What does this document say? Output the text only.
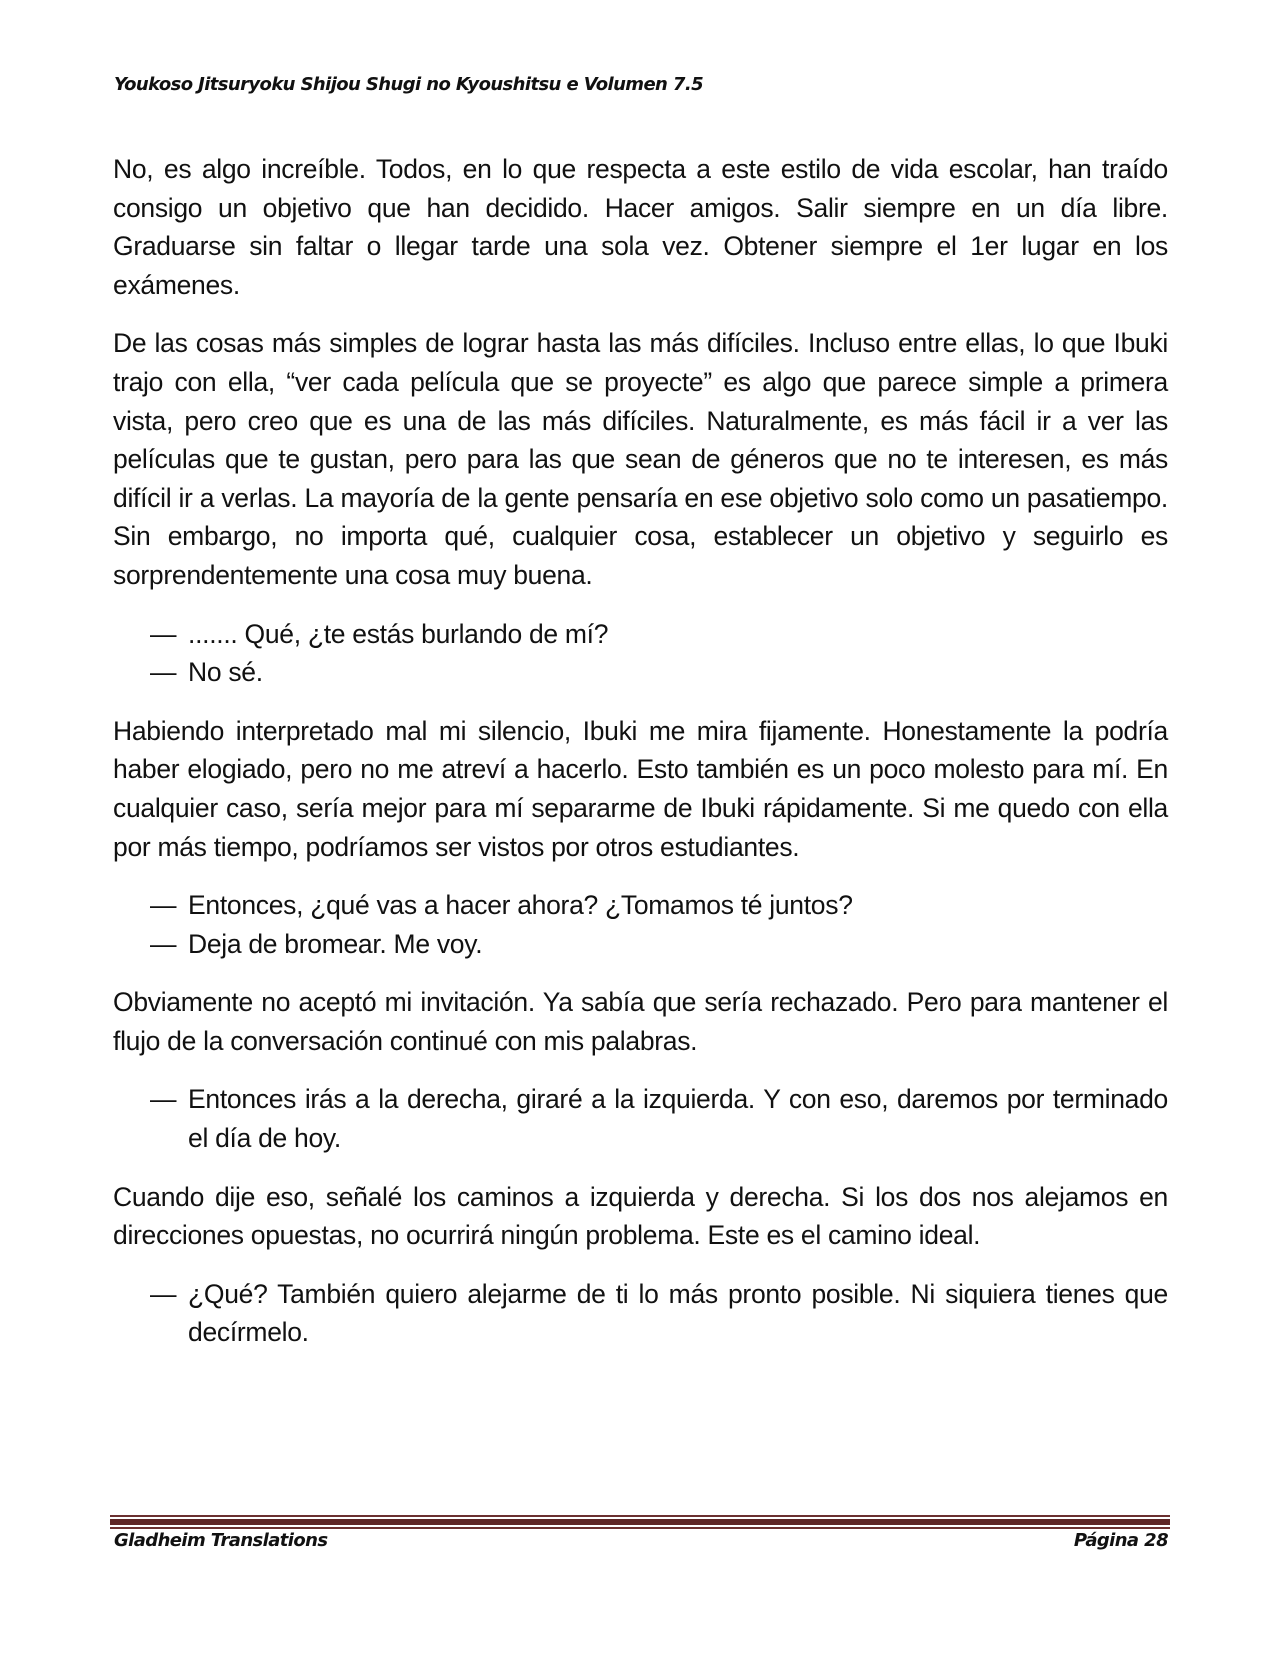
Youkoso Jitsuryoku Shijou Shugi no Kyoushitsu e Volumen 7.5

No, es algo increíble. Todos, en lo que respecta a este estilo de vida escolar, han traído consigo un objetivo que han decidido. Hacer amigos. Salir siempre en un día libre. Graduarse sin faltar o llegar tarde una sola vez. Obtener siempre el 1er lugar en los exámenes.

De las cosas más simples de lograr hasta las más difíciles. Incluso entre ellas, lo que Ibuki trajo con ella, “ver cada película que se proyecte” es algo que parece simple a primera vista, pero creo que es una de las más difíciles. Naturalmente, es más fácil ir a ver las películas que te gustan, pero para las que sean de géneros que no te interesen, es más difícil ir a verlas. La mayoría de la gente pensaría en ese objetivo solo como un pasatiempo. Sin embargo, no importa qué, cualquier cosa, establecer un objetivo y seguirlo es sorprendentemente una cosa muy buena.

— ....... Qué, ¿te estás burlando de mí?
— No sé.

Habiendo interpretado mal mi silencio, Ibuki me mira fijamente. Honestamente la podría haber elogiado, pero no me atreví a hacerlo. Esto también es un poco molesto para mí. En cualquier caso, sería mejor para mí separarme de Ibuki rápidamente. Si me quedo con ella por más tiempo, podríamos ser vistos por otros estudiantes.

— Entonces, ¿qué vas a hacer ahora? ¿Tomamos té juntos?
— Deja de bromear. Me voy.

Obviamente no aceptó mi invitación. Ya sabía que sería rechazado. Pero para mantener el flujo de la conversación continué con mis palabras.

— Entonces irás a la derecha, giraré a la izquierda. Y con eso, daremos por terminado el día de hoy.

Cuando dije eso, señalé los caminos a izquierda y derecha. Si los dos nos alejamos en direcciones opuestas, no ocurrirá ningún problema. Este es el camino ideal.

— ¿Qué? También quiero alejarme de ti lo más pronto posible. Ni siquiera tienes que decírmelo.
Gladheim Translations	Página 28
